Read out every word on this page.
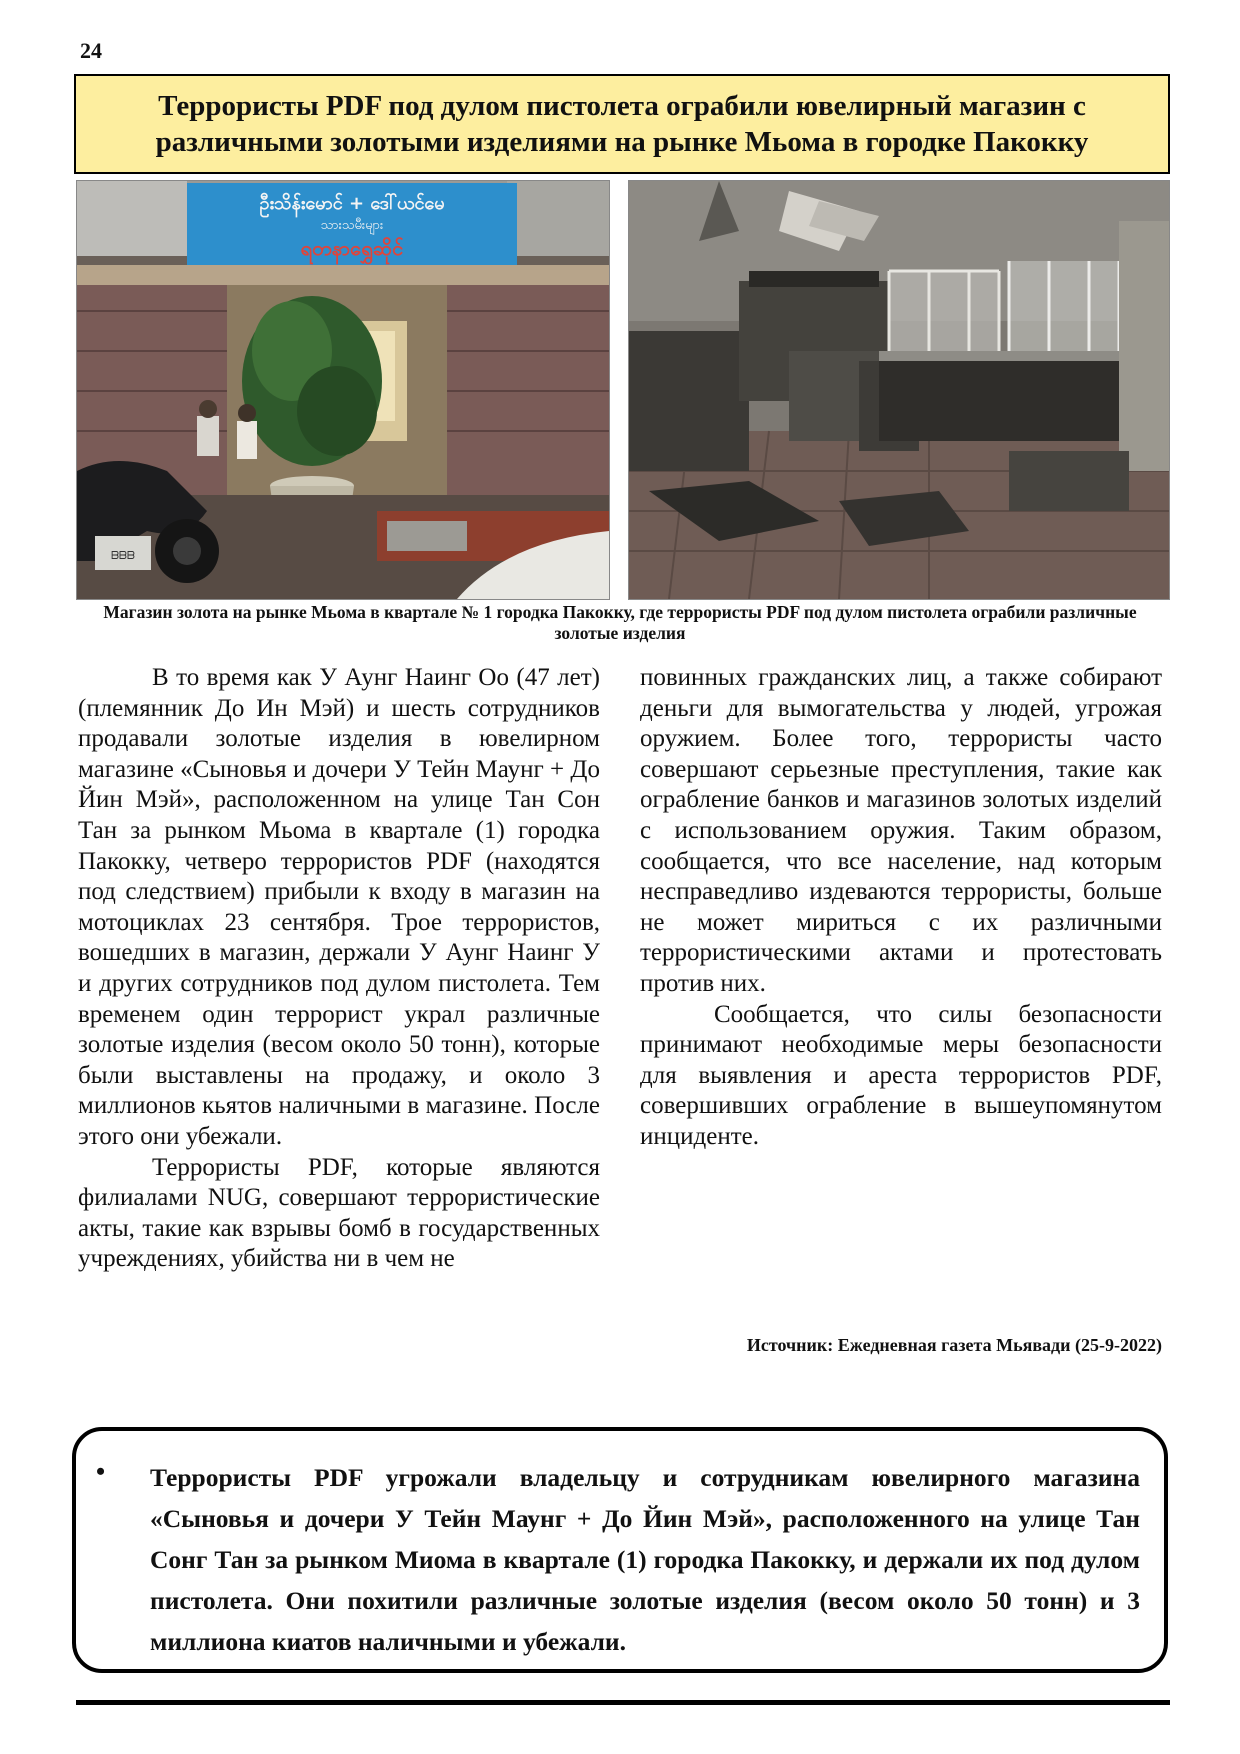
24
Террористы PDF под дулом пистолета ограбили ювелирный магазин с различными золотыми изделиями на рынке Мьома в городке Пакокку
ဦးသိန်းမောင် + ဒေါ်ယင်မေ
သားသမီးများ
ရတနာရွှေဆိုင်
ᗷᗷᗷ

Магазин золота на рынке Мьома в квартале № 1 городка Пакокку, где террористы PDF под дулом пистолета ограбили различные золотые изделия

В то время как У Аунг Наинг Оо (47 лет) (племянник До Ин Мэй) и шесть сотрудников продавали золотые изделия в ювелирном магазине «Сыновья и дочери У Тейн Маунг + До Йин Мэй», расположенном на улице Тан Сон Тан за рынком Мьома в квартале (1) городка Пакокку, четверо террористов PDF (находятся под следствием) прибыли к входу в магазин на мотоциклах 23 сентября. Трое террористов, вошедших в магазин, держали У Аунг Наинг У и других сотрудников под дулом пистолета. Тем временем один террорист украл различные золотые изделия (весом около 50 тонн), которые были выставлены на продажу, и около 3 миллионов кьятов наличными в магазине. После этого они убежали.

Террористы PDF, которые являются филиалами NUG, совершают террористические акты, такие как взрывы бомб в государственных учреждениях, убийства ни в чем не

повинных гражданских лиц, а также собирают деньги для вымогательства у людей, угрожая оружием. Более того, террористы часто совершают серьезные преступления, такие как ограбление банков и магазинов золотых изделий с использованием оружия. Таким образом, сообщается, что все население, над которым несправедливо издеваются террористы, больше не может мириться с их различными террористическими актами и протестовать против них.

Сообщается, что силы безопасности принимают необходимые меры безопасности для выявления и ареста террористов PDF, совершивших ограбление в вышеупомянутом инциденте.

Источник: Ежедневная газета Мьявади (25-9-2022)
•	Террористы PDF угрожали владельцу и сотрудникам ювелирного магазина «Сыновья и дочери У Тейн Маунг + До Йин Мэй», расположенного на улице Тан Сонг Тан за рынком Миома в квартале (1) городка Пакокку, и держали их под дулом пистолета. Они похитили различные золотые изделия (весом около 50 тонн) и 3 миллиона киатов наличными и убежали.
